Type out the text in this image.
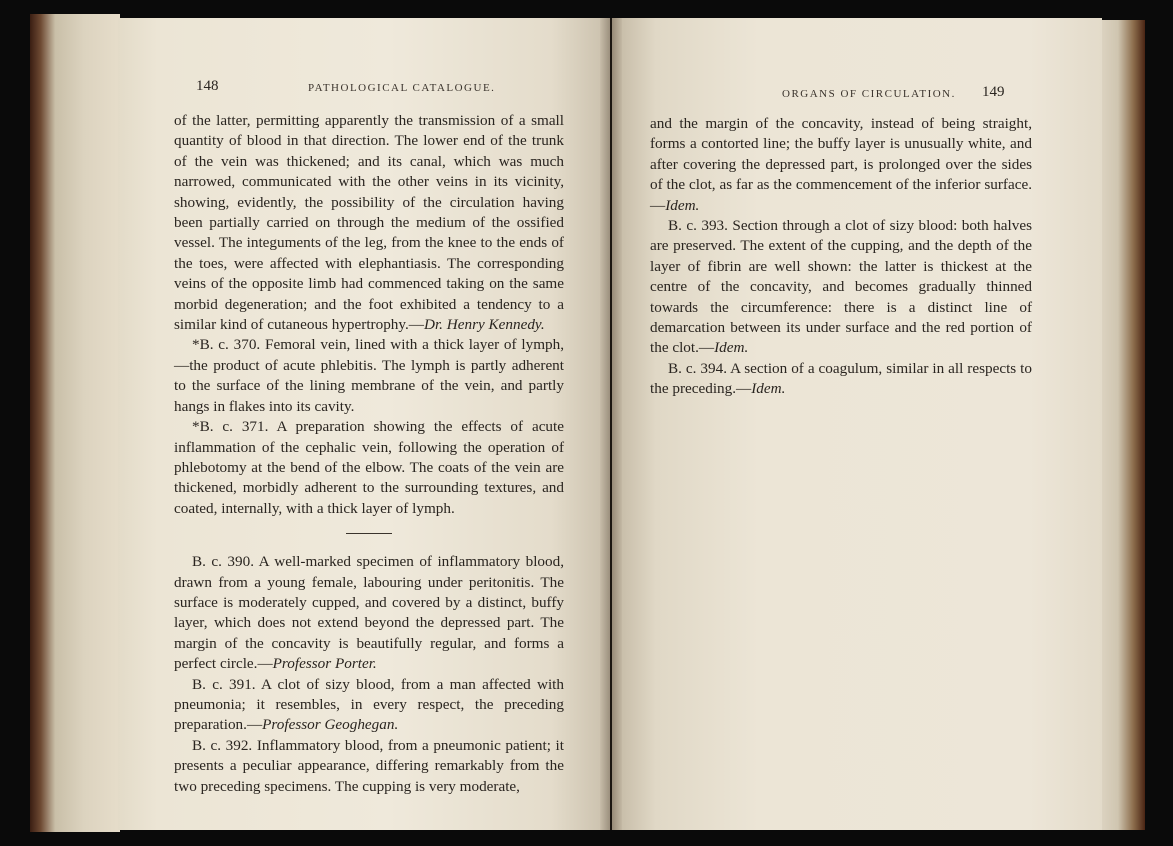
148	PATHOLOGICAL CATALOGUE.

of the latter, permitting apparently the transmission of a small quantity of blood in that direction. The lower end of the trunk of the vein was thickened; and its canal, which was much narrowed, communicated with the other veins in its vicinity, showing, evidently, the possibility of the circulation having been partially carried on through the medium of the ossified vessel. The integuments of the leg, from the knee to the ends of the toes, were affected with elephantiasis. The corresponding veins of the opposite limb had commenced taking on the same morbid degeneration; and the foot exhibited a tendency to a similar kind of cutaneous hypertrophy.—Dr. Henry Kennedy.

*B. c. 370. Femoral vein, lined with a thick layer of lymph, —the product of acute phlebitis. The lymph is partly adherent to the surface of the lining membrane of the vein, and partly hangs in flakes into its cavity.

*B. c. 371. A preparation showing the effects of acute inflammation of the cephalic vein, following the operation of phlebotomy at the bend of the elbow. The coats of the vein are thickened, morbidly adherent to the surrounding textures, and coated, internally, with a thick layer of lymph.

B. c. 390. A well-marked specimen of inflammatory blood, drawn from a young female, labouring under peritonitis. The surface is moderately cupped, and covered by a distinct, buffy layer, which does not extend beyond the depressed part. The margin of the concavity is beautifully regular, and forms a perfect circle.—Professor Porter.

B. c. 391. A clot of sizy blood, from a man affected with pneumonia; it resembles, in every respect, the preceding preparation.—Professor Geoghegan.

B. c. 392. Inflammatory blood, from a pneumonic patient; it presents a peculiar appearance, differing remarkably from the two preceding specimens. The cupping is very moderate,

ORGANS OF CIRCULATION. 149

and the margin of the concavity, instead of being straight, forms a contorted line; the buffy layer is unusually white, and after covering the depressed part, is prolonged over the sides of the clot, as far as the commencement of the inferior surface. —Idem.

B. c. 393. Section through a clot of sizy blood: both halves are preserved. The extent of the cupping, and the depth of the layer of fibrin are well shown: the latter is thickest at the centre of the concavity, and becomes gradually thinned towards the circumference: there is a distinct line of demarcation between its under surface and the red portion of the clot.—Idem.

B. c. 394. A section of a coagulum, similar in all respects to the preceding.—Idem.
